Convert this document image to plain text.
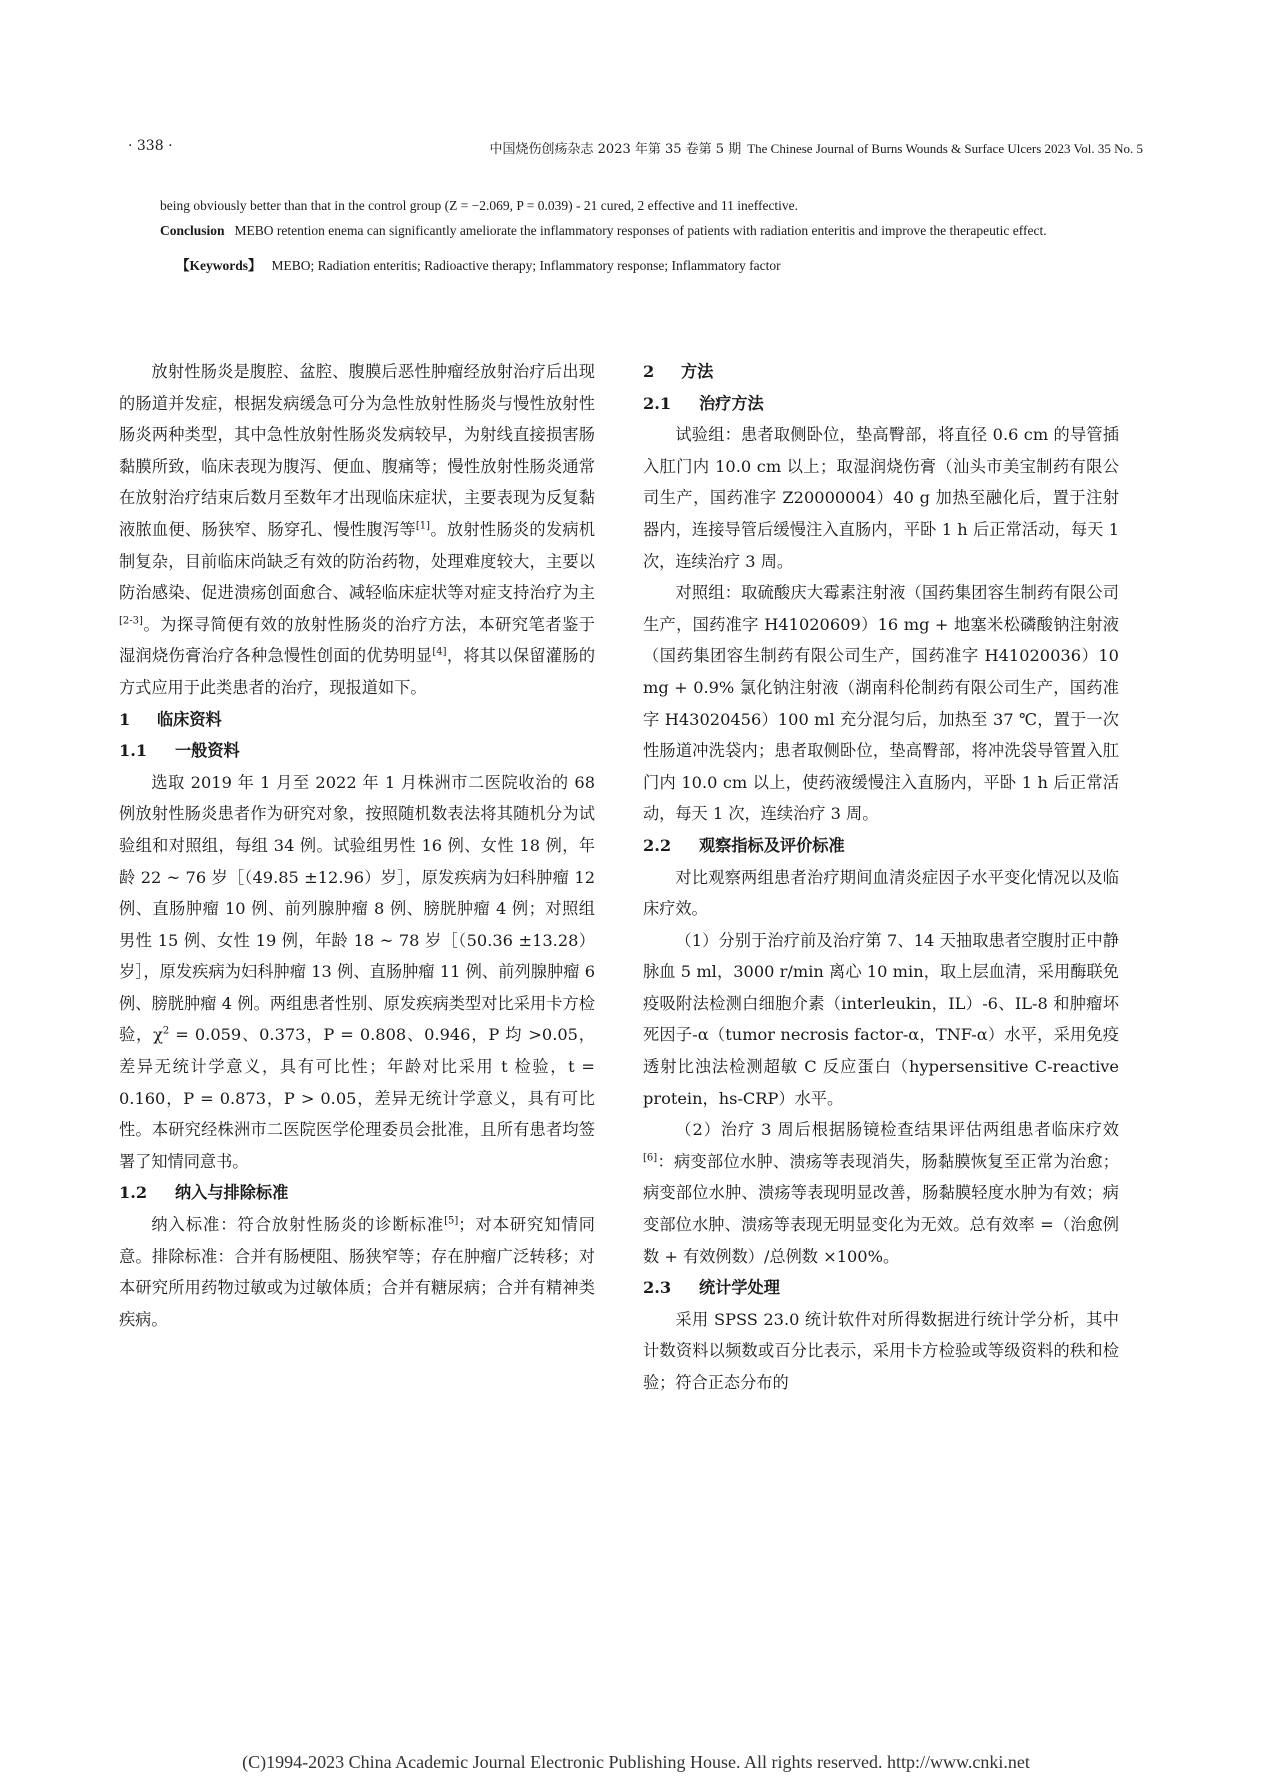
· 338 ·	中国烧伤创疡杂志 2023 年第 35 卷第 5 期 The Chinese Journal of Burns Wounds & Surface Ulcers 2023 Vol. 35 No. 5

being obviously better than that in the control group (Z = −2.069, P = 0.039) - 21 cured, 2 effective and 11 ineffective.

Conclusion MEBO retention enema can significantly ameliorate the inflammatory responses of patients with radiation enteritis and improve the therapeutic effect.

【Keywords】 MEBO; Radiation enteritis; Radioactive therapy; Inflammatory response; Inflammatory factor

放射性肠炎是腹腔、盆腔、腹膜后恶性肿瘤经放射治疗后出现的肠道并发症，根据发病缓急可分为急性放射性肠炎与慢性放射性肠炎两种类型，其中急性放射性肠炎发病较早，为射线直接损害肠黏膜所致，临床表现为腹泻、便血、腹痛等；慢性放射性肠炎通常在放射治疗结束后数月至数年才出现临床症状，主要表现为反复黏液脓血便、肠狭窄、肠穿孔、慢性腹泻等[1]。放射性肠炎的发病机制复杂，目前临床尚缺乏有效的防治药物，处理难度较大，主要以防治感染、促进溃疡创面愈合、减轻临床症状等对症支持治疗为主[2-3]。为探寻简便有效的放射性肠炎的治疗方法，本研究笔者鉴于湿润烧伤膏治疗各种急慢性创面的优势明显[4]，将其以保留灌肠的方式应用于此类患者的治疗，现报道如下。

1 临床资料

1.1 一般资料

选取 2019 年 1 月至 2022 年 1 月株洲市二医院收治的 68 例放射性肠炎患者作为研究对象，按照随机数表法将其随机分为试验组和对照组，每组 34 例。试验组男性 16 例、女性 18 例，年龄 22 ~ 76 岁［（49.85 ±12.96）岁］，原发疾病为妇科肿瘤 12 例、直肠肿瘤 10 例、前列腺肿瘤 8 例、膀胱肿瘤 4 例；对照组男性 15 例、女性 19 例，年龄 18 ~ 78 岁［（50.36 ±13.28）岁］，原发疾病为妇科肿瘤 13 例、直肠肿瘤 11 例、前列腺肿瘤 6 例、膀胱肿瘤 4 例。两组患者性别、原发疾病类型对比采用卡方检验，$\chi^2 = 0.059$、0.373，P = 0.808、0.946，P 均 >0.05，差异无统计学意义，具有可比性；年龄对比采用 t 检验，t = 0.160，P = 0.873，P > 0.05，差异无统计学意义，具有可比性。本研究经株洲市二医院医学伦理委员会批准，且所有患者均签署了知情同意书。

1.2 纳入与排除标准

纳入标准：符合放射性肠炎的诊断标准[5]；对本研究知情同意。排除标准：合并有肠梗阻、肠狭窄等；存在肿瘤广泛转移；对本研究所用药物过敏或为过敏体质；合并有糖尿病；合并有精神类疾病。

2 方法

2.1 治疗方法

试验组：患者取侧卧位，垫高臀部，将直径 0.6 cm 的导管插入肛门内 10.0 cm 以上；取湿润烧伤膏（汕头市美宝制药有限公司生产，国药准字 Z20000004）40 g 加热至融化后，置于注射器内，连接导管后缓慢注入直肠内，平卧 1 h 后正常活动，每天 1 次，连续治疗 3 周。

对照组：取硫酸庆大霉素注射液（国药集团容生制药有限公司生产，国药准字 H41020609）16 mg + 地塞米松磷酸钠注射液（国药集团容生制药有限公司生产，国药准字 H41020036）10 mg + 0.9% 氯化钠注射液（湖南科伦制药有限公司生产，国药准字 H43020456）100 ml 充分混匀后，加热至 37 ℃，置于一次性肠道冲洗袋内；患者取侧卧位，垫高臀部，将冲洗袋导管置入肛门内 10.0 cm 以上，使药液缓慢注入直肠内，平卧 1 h 后正常活动，每天 1 次，连续治疗 3 周。

2.2 观察指标及评价标准

对比观察两组患者治疗期间血清炎症因子水平变化情况以及临床疗效。

（1）分别于治疗前及治疗第 7、14 天抽取患者空腹肘正中静脉血 5 ml，3000 r/min 离心 10 min，取上层血清，采用酶联免疫吸附法检测白细胞介素（interleukin，IL）-6、IL-8 和肿瘤坏死因子-α（tumor necrosis factor-α，TNF-α）水平，采用免疫透射比浊法检测超敏 C 反应蛋白（hypersensitive C-reactive protein，hs-CRP）水平。

（2）治疗 3 周后根据肠镜检查结果评估两组患者临床疗效[6]：病变部位水肿、溃疡等表现消失，肠黏膜恢复至正常为治愈；病变部位水肿、溃疡等表现明显改善，肠黏膜轻度水肿为有效；病变部位水肿、溃疡等表现无明显变化为无效。总有效率 =（治愈例数 + 有效例数）/总例数 ×100%。

2.3 统计学处理

采用 SPSS 23.0 统计软件对所得数据进行统计学分析，其中计数资料以频数或百分比表示，采用卡方检验或等级资料的秩和检验；符合正态分布的

(C)1994-2023 China Academic Journal Electronic Publishing House. All rights reserved. http://www.cnki.net
